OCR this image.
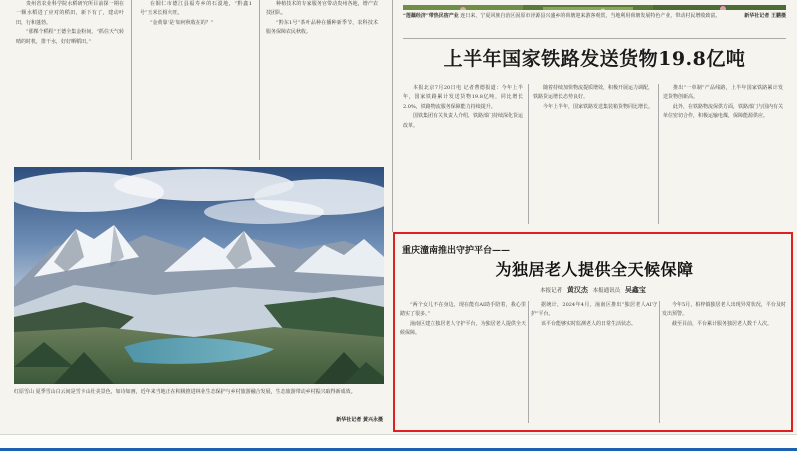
贵州省农业科学院水稻研究所目前探一期在一颗水稻进了应对的稻田，新下有了，建动叶田，行和蓬勃。

“那棵个稻程”王德全集金粉间，“抓住天气转晴的时机，排干水，好好晒稻田。”

在铜仁市德江县福寿乡的石漠地，“黔鑫1号”玉米长相火旺。

“金黄靠‘是’如何秋收在的？”

种植技术的专家服务官带动贵州各地，增产农技团队。

“黔东1号”茶叶品种在播种新季节，农科技术服务保障农民秋收。

红原雪山 夏季雪山白云间是雪卡山壮美景色，如诗如画，近年来当地正在积极推进林业生态保护与乡村旅游融合发展，生态旅游带动乡村振兴取得新成效。
新华社记者 黄兴永摄
“莲藕经济”带热民宿产业 连日来，宁夏回族自治区固原市泾源县兴盛乡的荷塘迎来游客观赏，当地利用荷塘发展特色产业，带动村民增收致富。	新华社记者 王鹏摄
上半年国家铁路发送货物19.8亿吨

本报北京7月20日电 记者曹德报道：今年上半年，国家铁路累计发送货物19.8亿吨，同比增长2.0%，铁路物流服务保障能力持续提升。

国铁集团有关负责人介绍，铁路部门持续深化货运改革。

随着持续加快物流提质增效，积极开展运力调配，铁路货运增长态势良好。

今年上半年，国家铁路发送集装箱货物同比增长。

推出“一单制”产品线路，上半年国家铁路累计发送货物创新高。

此外，在铁路物流保供方面，铁路部门与国内有关单位密切合作，积极运输电煤，保障能源供应。

重庆潼南推出守护平台——
为独居老人提供全天候保障
本报记者 黄汉杰 本报通讯员 吴鑫宝

“两个女儿不在身边，现在能有AI助手陪着，我心里踏实了很多。”

潼南区建立独居老人守护平台，为独居老人提供全天候保障。

据统计，2024年4月，潼南区推出“独居老人AI守护”平台。

该平台能够实时监测老人的日常生活状态。

今年5月，柏梓镇独居老人出现异常状况，平台及时发出预警。

截至目前，平台累计服务独居老人数千人次。
